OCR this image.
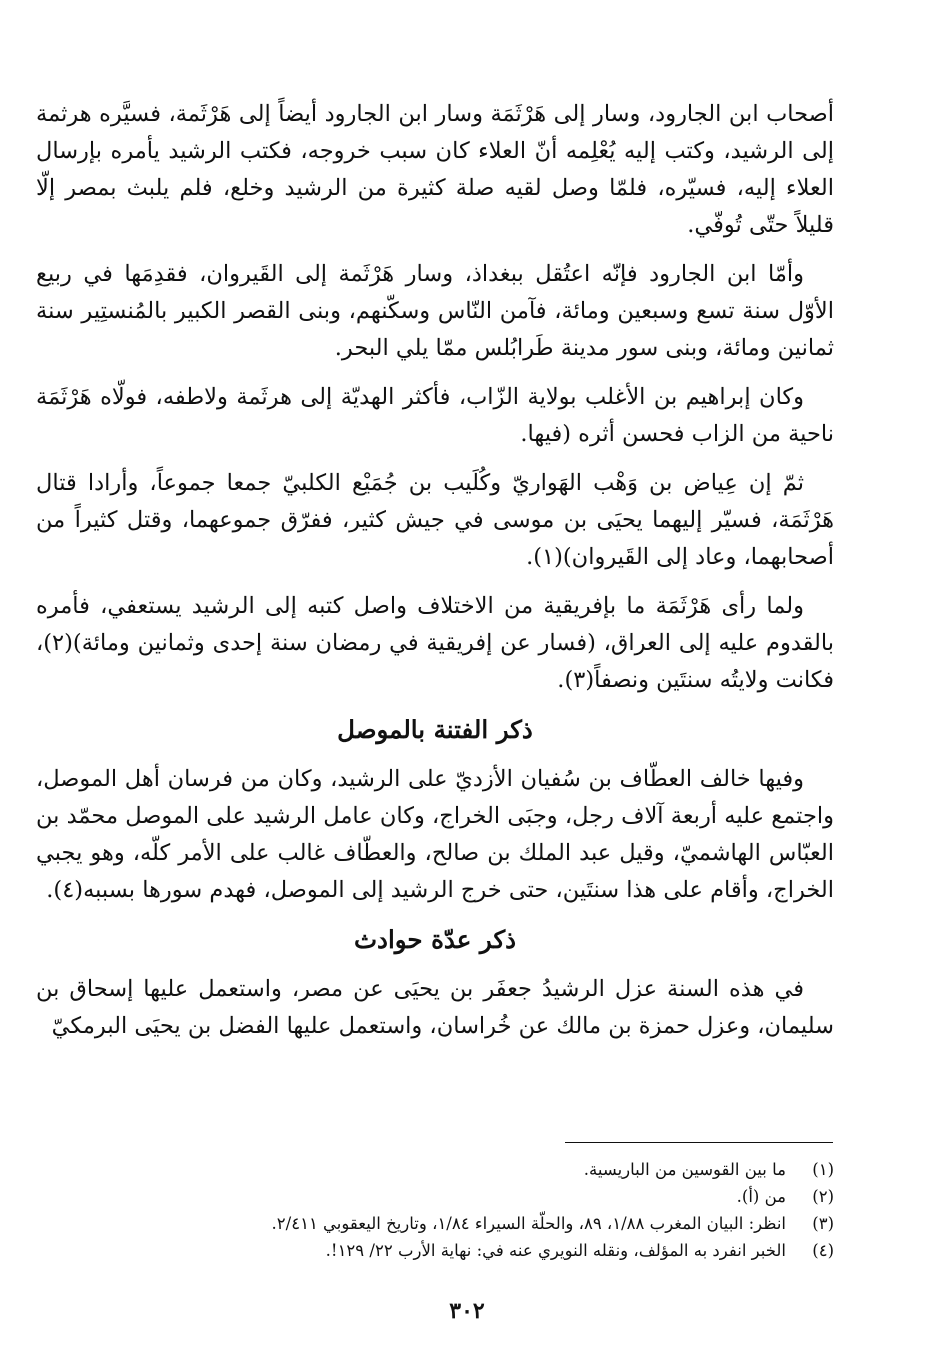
أصحاب ابن الجارود، وسار إلى هَرْثَمَة وسار ابن الجارود أيضاً إلى هَرْثَمة، فسيَّره هرثمة إلى الرشيد، وكتب إليه يُعْلِمه أنّ العلاء كان سبب خروجه، فكتب الرشيد يأمره بإرسال العلاء إليه، فسيّره، فلمّا وصل لقيه صلة كثيرة من الرشيد وخلع، فلم يلبث بمصر إلّا قليلاً حتّى تُوفّي.

وأمّا ابن الجارود فإنّه اعتُقل ببغداذ، وسار هَرْثَمة إلى القَيروان، فقدِمَها في ربيع الأوّل سنة تسع وسبعين ومائة، فآمن النّاس وسكّنهم، وبنى القصر الكبير بالمُنستِير سنة ثمانين ومائة، وبنى سور مدينة طَرابُلس ممّا يلي البحر.

وكان إبراهيم بن الأغلب بولاية الزّاب، فأكثر الهديّة إلى هرثَمة ولاطفه، فولّاه هَرْثَمَة ناحية من الزاب فحسن أثره (فيها.

ثمّ إن عِياض بن وَهْب الهَواريّ وكُلَيب بن جُمَيْع الكلبيّ جمعا جموعاً، وأرادا قتال هَرْثَمَة، فسيّر إليهما يحيَى بن موسى في جيش كثير، ففرّق جموعهما، وقتل كثيراً من أصحابهما، وعاد إلى القَيروان)(١).

ولما رأى هَرْثَمَة ما بإفريقية من الاختلاف واصل كتبه إلى الرشيد يستعفي، فأمره بالقدوم عليه إلى العراق، (فسار عن إفريقية في رمضان سنة إحدى وثمانين ومائة)(٢)، فكانت ولايتُه سنتَين ونصفاً(٣).

ذكر الفتنة بالموصل

وفيها خالف العطّاف بن سُفيان الأزديّ على الرشيد، وكان من فرسان أهل الموصل، واجتمع عليه أربعة آلاف رجل، وجبَى الخراج، وكان عامل الرشيد على الموصل محمّد بن العبّاس الهاشميّ، وقيل عبد الملك بن صالح، والعطّاف غالب على الأمر كلّه، وهو يجبي الخراج، وأقام على هذا سنتَين، حتى خرج الرشيد إلى الموصل، فهدم سورها بسببه(٤).

ذكر عدّة حوادث

في هذه السنة عزل الرشيدُ جعفَر بن يحيَى عن مصر، واستعمل عليها إسحاق بن سليمان، وعزل حمزة بن مالك عن خُراسان، واستعمل عليها الفضل بن يحيَى البرمكيّ

(١)
ما بين القوسين من الباريسية.
(٢)
من (أ).
(٣)
انظر: البيان المغرب ١/٨٨، ٨٩، والحلّة السيراء ١/٨٤، وتاريخ اليعقوبي ٢/٤١١.
(٤)
الخبر انفرد به المؤلف، ونقله النويري عنه في: نهاية الأرب ٢٢/ ١٢٩!.
٣٠٢
